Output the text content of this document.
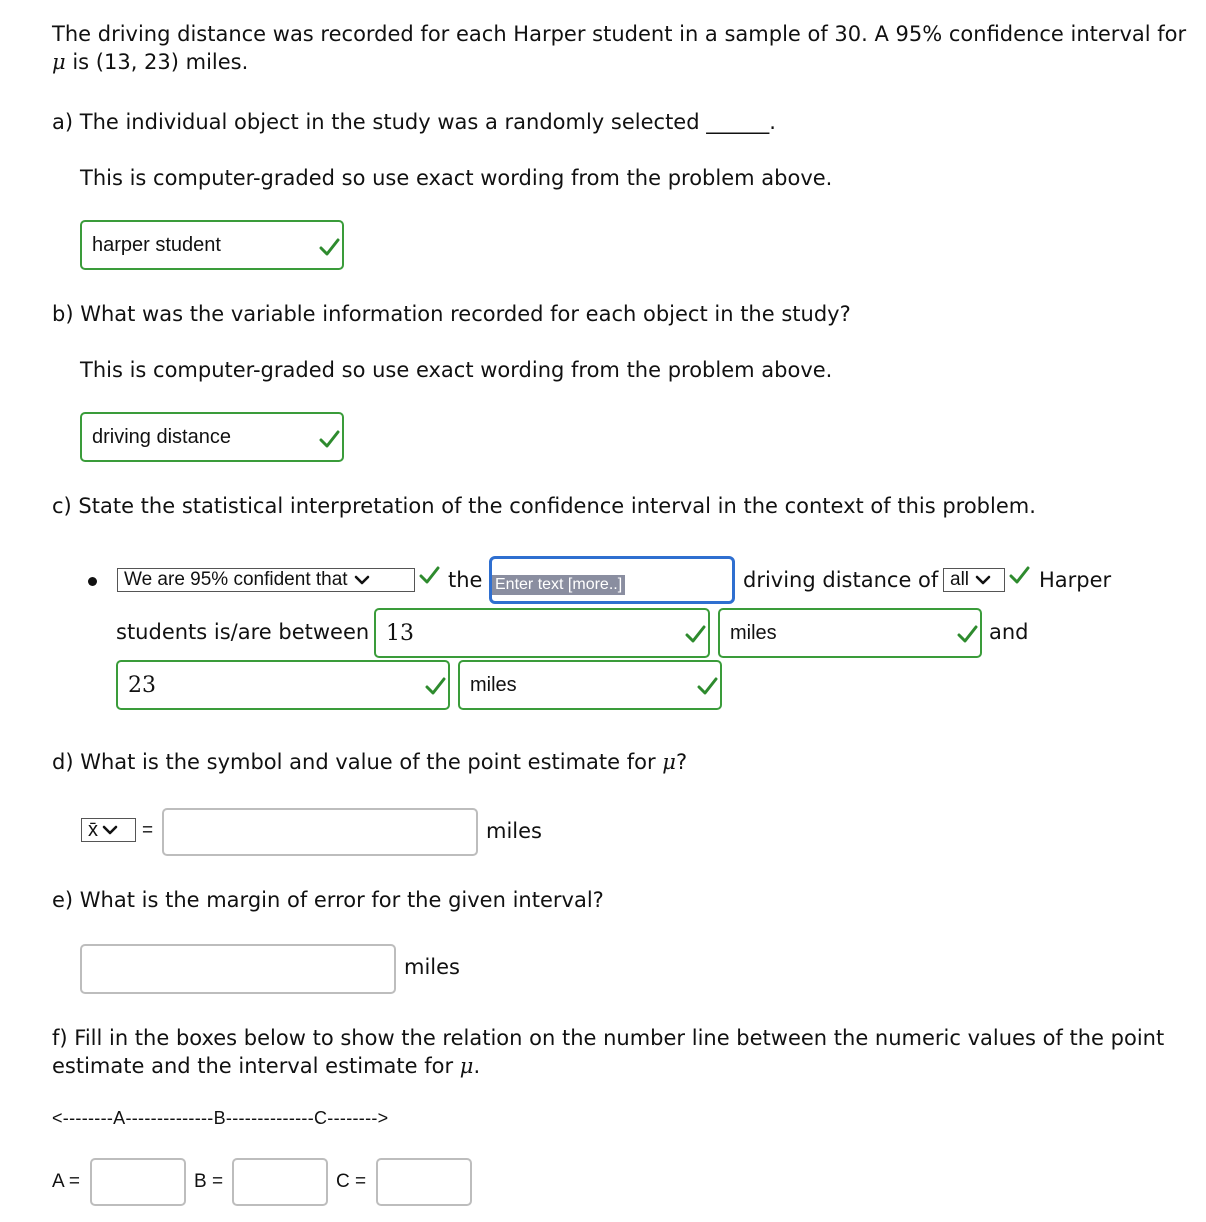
The driving distance was recorded for each Harper student in a sample of 30. A 95% confidence interval for
μ is (13, 23) miles.
a) The individual object in the study was a randomly selected ______.
This is computer-graded so use exact wording from the problem above.
harper student
b) What was the variable information recorded for each object in the study?
This is computer-graded so use exact wording from the problem above.
driving distance
c) State the statistical interpretation of the confidence interval in the context of this problem.
We are 95% confident that	the Enter text [more..]	driving distance of all	Harper
students is/are between 13	miles	and
23	miles
d) What is the symbol and value of the point estimate for μ?
x̄ =	miles
e) What is the margin of error for the given interval?
miles
f) Fill in the boxes below to show the relation on the number line between the numeric values of the point
estimate and the interval estimate for μ.
<--------A--------------B--------------C-------->
A =	B =	C =
